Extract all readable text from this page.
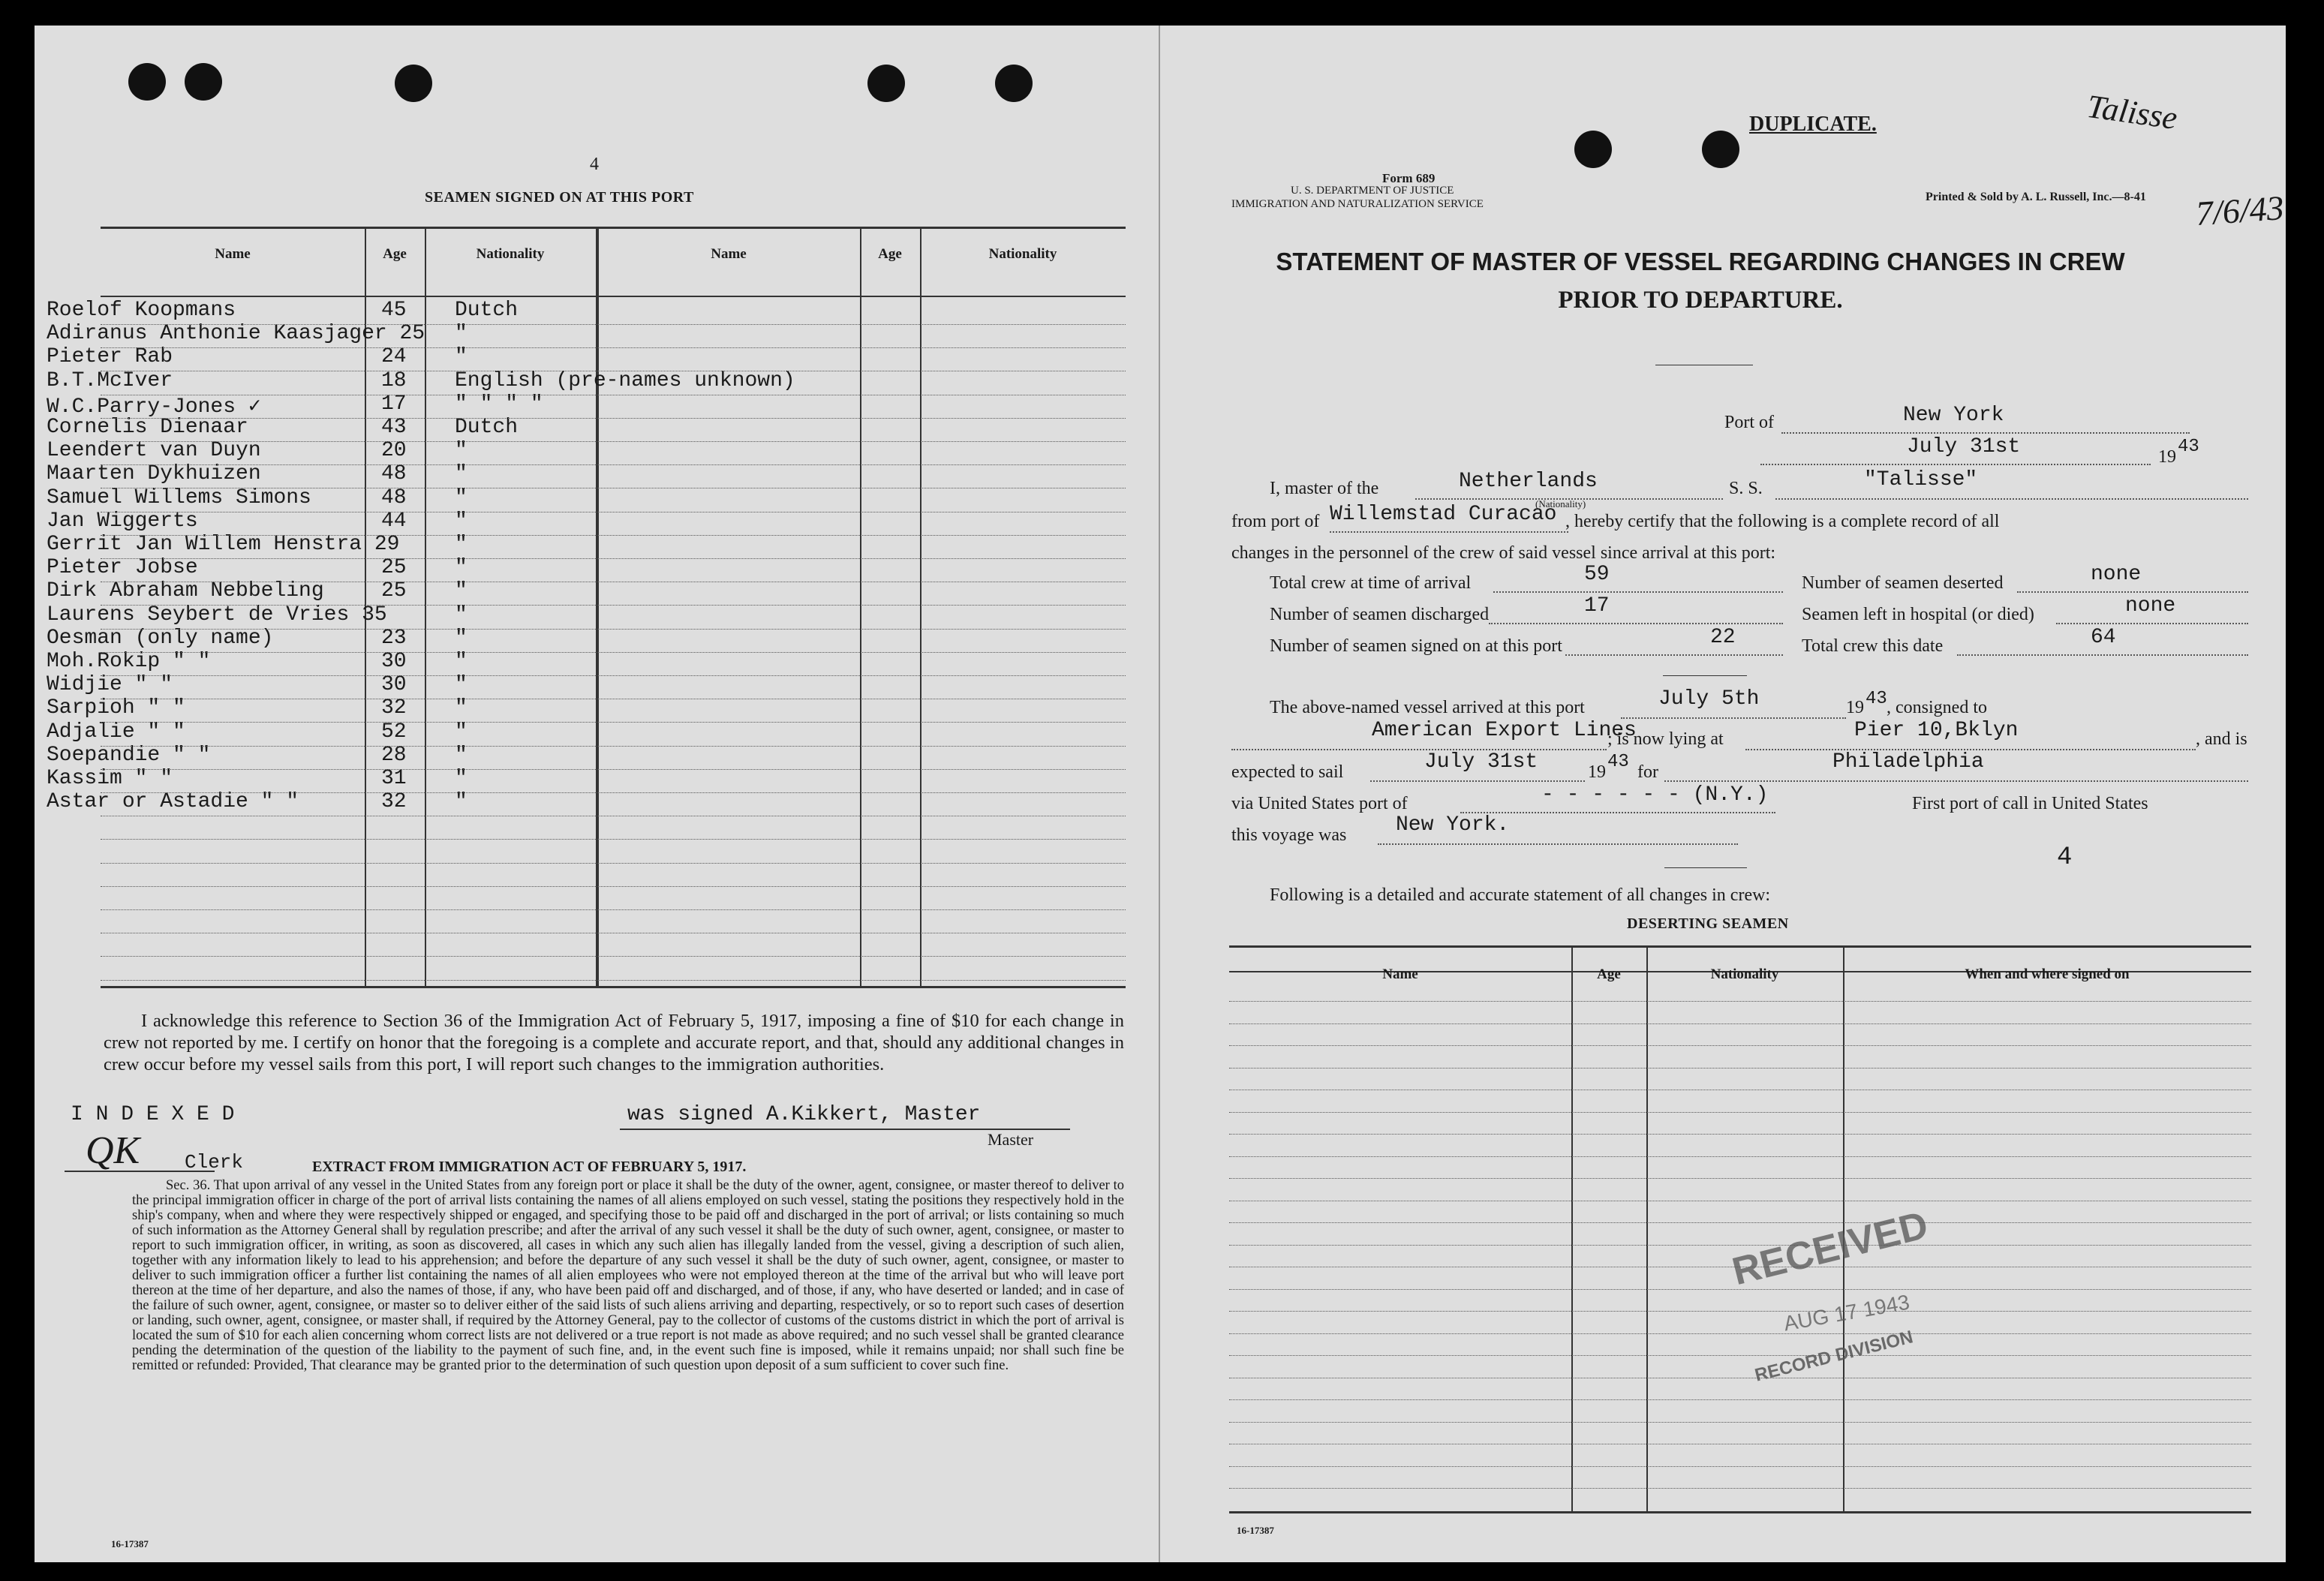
4
SEAMEN SIGNED ON AT THIS PORT
Name	Age	Nationality	Name	Age	Nationality
Roelof Koopmans	45 Dutch
Adiranus Anthonie Kaasjager 25 "
Pieter Rab	24 "
B.T.McIver	18 English (pre-names unknown)
W.C.Parry-Jones ✓	17 " " " "
Cornelis Dienaar	43 Dutch
Leendert van Duyn	20 "
Maarten Dykhuizen	48 "
Samuel Willems Simons	48 "
Jan Wiggerts	44 "
Gerrit Jan Willem Henstra 29	"
Pieter Jobse	25 "
Dirk Abraham Nebbeling	25 "
Laurens Seybert de Vries 35	"
Oesman (only name)	23 "
Moh.Rokip " "	30 "
Widjie " "	30 "
Sarpioh " "	32 "
Adjalie " "	52 "
Soepandie " "	28 "
Kassim " "	31 "
Astar or Astadie " "	32 "
I acknowledge this reference to Section 36 of the Immigration Act of February 5, 1917, imposing a fine of $10 for each change in crew not reported by me. I certify on honor that the foregoing is a complete and accurate report, and that, should any additional changes in crew occur before my vessel sails from this port, I will report such changes to the immigration authorities.
I N D E X E D
QK Clerk
was signed A.Kikkert, Master
Master
EXTRACT FROM IMMIGRATION ACT OF FEBRUARY 5, 1917.
Sec. 36. That upon arrival of any vessel in the United States from any foreign port or place it shall be the duty of the owner, agent, consignee, or master thereof to deliver to the principal immigration officer in charge of the port of arrival lists containing the names of all aliens employed on such vessel, stating the positions they respectively hold in the ship's company, when and where they were respectively shipped or engaged, and specifying those to be paid off and discharged in the port of arrival; or lists containing so much of such information as the Attorney General shall by regulation prescribe; and after the arrival of any such vessel it shall be the duty of such owner, agent, consignee, or master to report to such immigration officer, in writing, as soon as discovered, all cases in which any such alien has illegally landed from the vessel, giving a description of such alien, together with any information likely to lead to his apprehension; and before the departure of any such vessel it shall be the duty of such owner, agent, consignee, or master to deliver to such immigration officer a further list containing the names of all alien employees who were not employed thereon at the time of the arrival but who will leave port thereon at the time of her departure, and also the names of those, if any, who have been paid off and discharged, and of those, if any, who have deserted or landed; and in case of the failure of such owner, agent, consignee, or master so to deliver either of the said lists of such aliens arriving and departing, respectively, or so to report such cases of desertion or landing, such owner, agent, consignee, or master shall, if required by the Attorney General, pay to the collector of customs of the customs district in which the port of arrival is located the sum of $10 for each alien concerning whom correct lists are not delivered or a true report is not made as above required; and no such vessel shall be granted clearance pending the determination of the question of the liability to the payment of such fine, and, in the event such fine is imposed, while it remains unpaid; nor shall such fine be remitted or refunded: Provided, That clearance may be granted prior to the determination of such question upon deposit of a sum sufficient to cover such fine.
16-17387
DUPLICATE.	Talisse
7/6/43
Form 689
U. S. DEPARTMENT OF JUSTICE
IMMIGRATION AND NATURALIZATION SERVICE
Printed & Sold by A. L. Russell, Inc.—8-41
STATEMENT OF MASTER OF VESSEL REGARDING CHANGES IN CREW
PRIOR TO DEPARTURE.
Port of	New York
July 31st	19 43
I, master of the	Netherlands
(Nationality)
S. S.	"Talisse"
from port of Willemstad Curacao , hereby certify that the following is a complete record of all
changes in the personnel of the crew of said vessel since arrival at this port:
Total crew at time of arrival	59	Number of seamen deserted	none
Number of seamen discharged	17	Seamen left in hospital (or died)	none
Number of seamen signed on at this port	22	Total crew this date	64
The above-named vessel arrived at this port	July 5th	19 43 , consigned to
American Export Lines
; is now lying at	Pier 10,Bklyn	, and is
expected to sail	July 31st	19 43 for	Philadelphia
via United States port of	- - - - - - (N.Y.)	First port of call in United States
this voyage was New York.
4
Following is a detailed and accurate statement of all changes in crew:
DESERTING SEAMEN
Name	Age	Nationality	When and where signed on
RECEIVED
AUG 17 1943
RECORD DIVISION
16-17387
